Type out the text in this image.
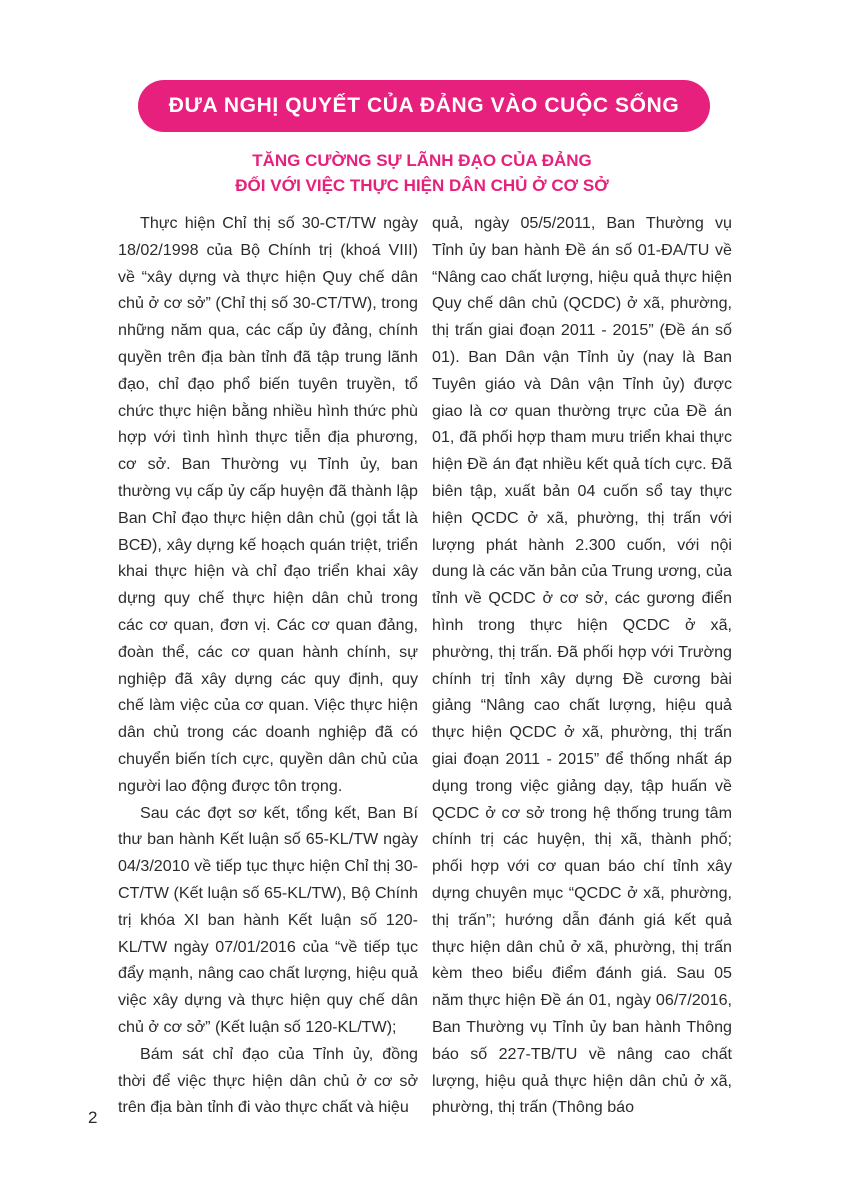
ĐƯA NGHỊ QUYẾT CỦA ĐẢNG VÀO CUỘC SỐNG
TĂNG CƯỜNG SỰ LÃNH ĐẠO CỦA ĐẢNG
ĐỐI VỚI VIỆC THỰC HIỆN DÂN CHỦ Ở CƠ SỞ

Thực hiện Chỉ thị số 30-CT/TW ngày 18/02/1998 của Bộ Chính trị (khoá VIII) về “xây dựng và thực hiện Quy chế dân chủ ở cơ sở” (Chỉ thị số 30-CT/TW), trong những năm qua, các cấp ủy đảng, chính quyền trên địa bàn tỉnh đã tập trung lãnh đạo, chỉ đạo phổ biến tuyên truyền, tổ chức thực hiện bằng nhiều hình thức phù hợp với tình hình thực tiễn địa phương, cơ sở. Ban Thường vụ Tỉnh ủy, ban thường vụ cấp ủy cấp huyện đã thành lập Ban Chỉ đạo thực hiện dân chủ (gọi tắt là BCĐ), xây dựng kế hoạch quán triệt, triển khai thực hiện và chỉ đạo triển khai xây dựng quy chế thực hiện dân chủ trong các cơ quan, đơn vị. Các cơ quan đảng, đoàn thể, các cơ quan hành chính, sự nghiệp đã xây dựng các quy định, quy chế làm việc của cơ quan. Việc thực hiện dân chủ trong các doanh nghiệp đã có chuyển biến tích cực, quyền dân chủ của người lao động được tôn trọng.

Sau các đợt sơ kết, tổng kết, Ban Bí thư ban hành Kết luận số 65-KL/TW ngày 04/3/2010 về tiếp tục thực hiện Chỉ thị 30-CT/TW (Kết luận số 65-KL/TW), Bộ Chính trị khóa XI ban hành Kết luận số 120-KL/TW ngày 07/01/2016 của “về tiếp tục đẩy mạnh, nâng cao chất lượng, hiệu quả việc xây dựng và thực hiện quy chế dân chủ ở cơ sở” (Kết luận số 120-KL/TW);

Bám sát chỉ đạo của Tỉnh ủy, đồng thời để việc thực hiện dân chủ ở cơ sở trên địa bàn tỉnh đi vào thực chất và hiệu

quả, ngày 05/5/2011, Ban Thường vụ Tỉnh ủy ban hành Đề án số 01-ĐA/TU về “Nâng cao chất lượng, hiệu quả thực hiện Quy chế dân chủ (QCDC) ở xã, phường, thị trấn giai đoạn 2011 - 2015” (Đề án số 01). Ban Dân vận Tỉnh ủy (nay là Ban Tuyên giáo và Dân vận Tỉnh ủy) được giao là cơ quan thường trực của Đề án 01, đã phối hợp tham mưu triển khai thực hiện Đề án đạt nhiều kết quả tích cực. Đã biên tập, xuất bản 04 cuốn sổ tay thực hiện QCDC ở xã, phường, thị trấn với lượng phát hành 2.300 cuốn, với nội dung là các văn bản của Trung ương, của tỉnh về QCDC ở cơ sở, các gương điển hình trong thực hiện QCDC ở xã, phường, thị trấn. Đã phối hợp với Trường chính trị tỉnh xây dựng Đề cương bài giảng “Nâng cao chất lượng, hiệu quả thực hiện QCDC ở xã, phường, thị trấn giai đoạn 2011 - 2015” để thống nhất áp dụng trong việc giảng dạy, tập huấn về QCDC ở cơ sở trong hệ thống trung tâm chính trị các huyện, thị xã, thành phố; phối hợp với cơ quan báo chí tỉnh xây dựng chuyên mục “QCDC ở xã, phường, thị trấn”; hướng dẫn đánh giá kết quả thực hiện dân chủ ở xã, phường, thị trấn kèm theo biểu điểm đánh giá. Sau 05 năm thực hiện Đề án 01, ngày 06/7/2016, Ban Thường vụ Tỉnh ủy ban hành Thông báo số 227-TB/TU về nâng cao chất lượng, hiệu quả thực hiện dân chủ ở xã, phường, thị trấn (Thông báo

2
